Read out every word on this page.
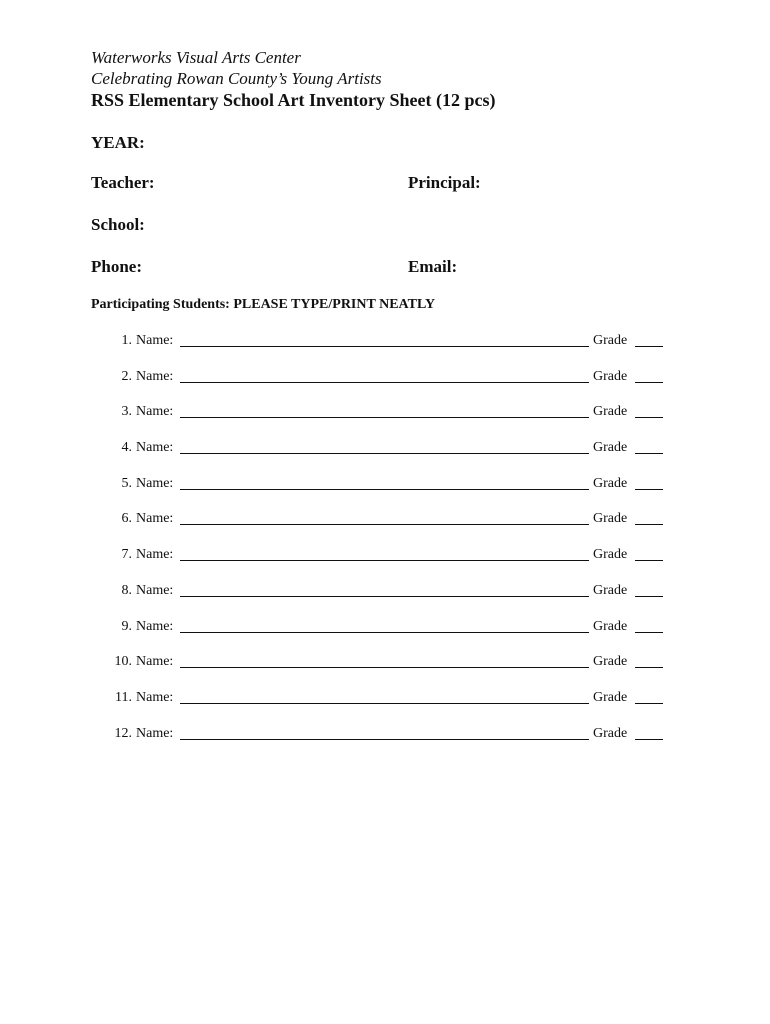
Waterworks Visual Arts Center
Celebrating Rowan County’s Young Artists
RSS Elementary School Art Inventory Sheet (12 pcs)
YEAR:
Teacher:	Principal:
School:
Phone:	Email:
Participating Students: PLEASE TYPE/PRINT NEATLY
1. Name:	Grade
2. Name:	Grade
3. Name:	Grade
4. Name:	Grade
5. Name:	Grade
6. Name:	Grade
7. Name:	Grade
8. Name:	Grade
9. Name:	Grade
10. Name:	Grade
11. Name:	Grade
12. Name:	Grade
